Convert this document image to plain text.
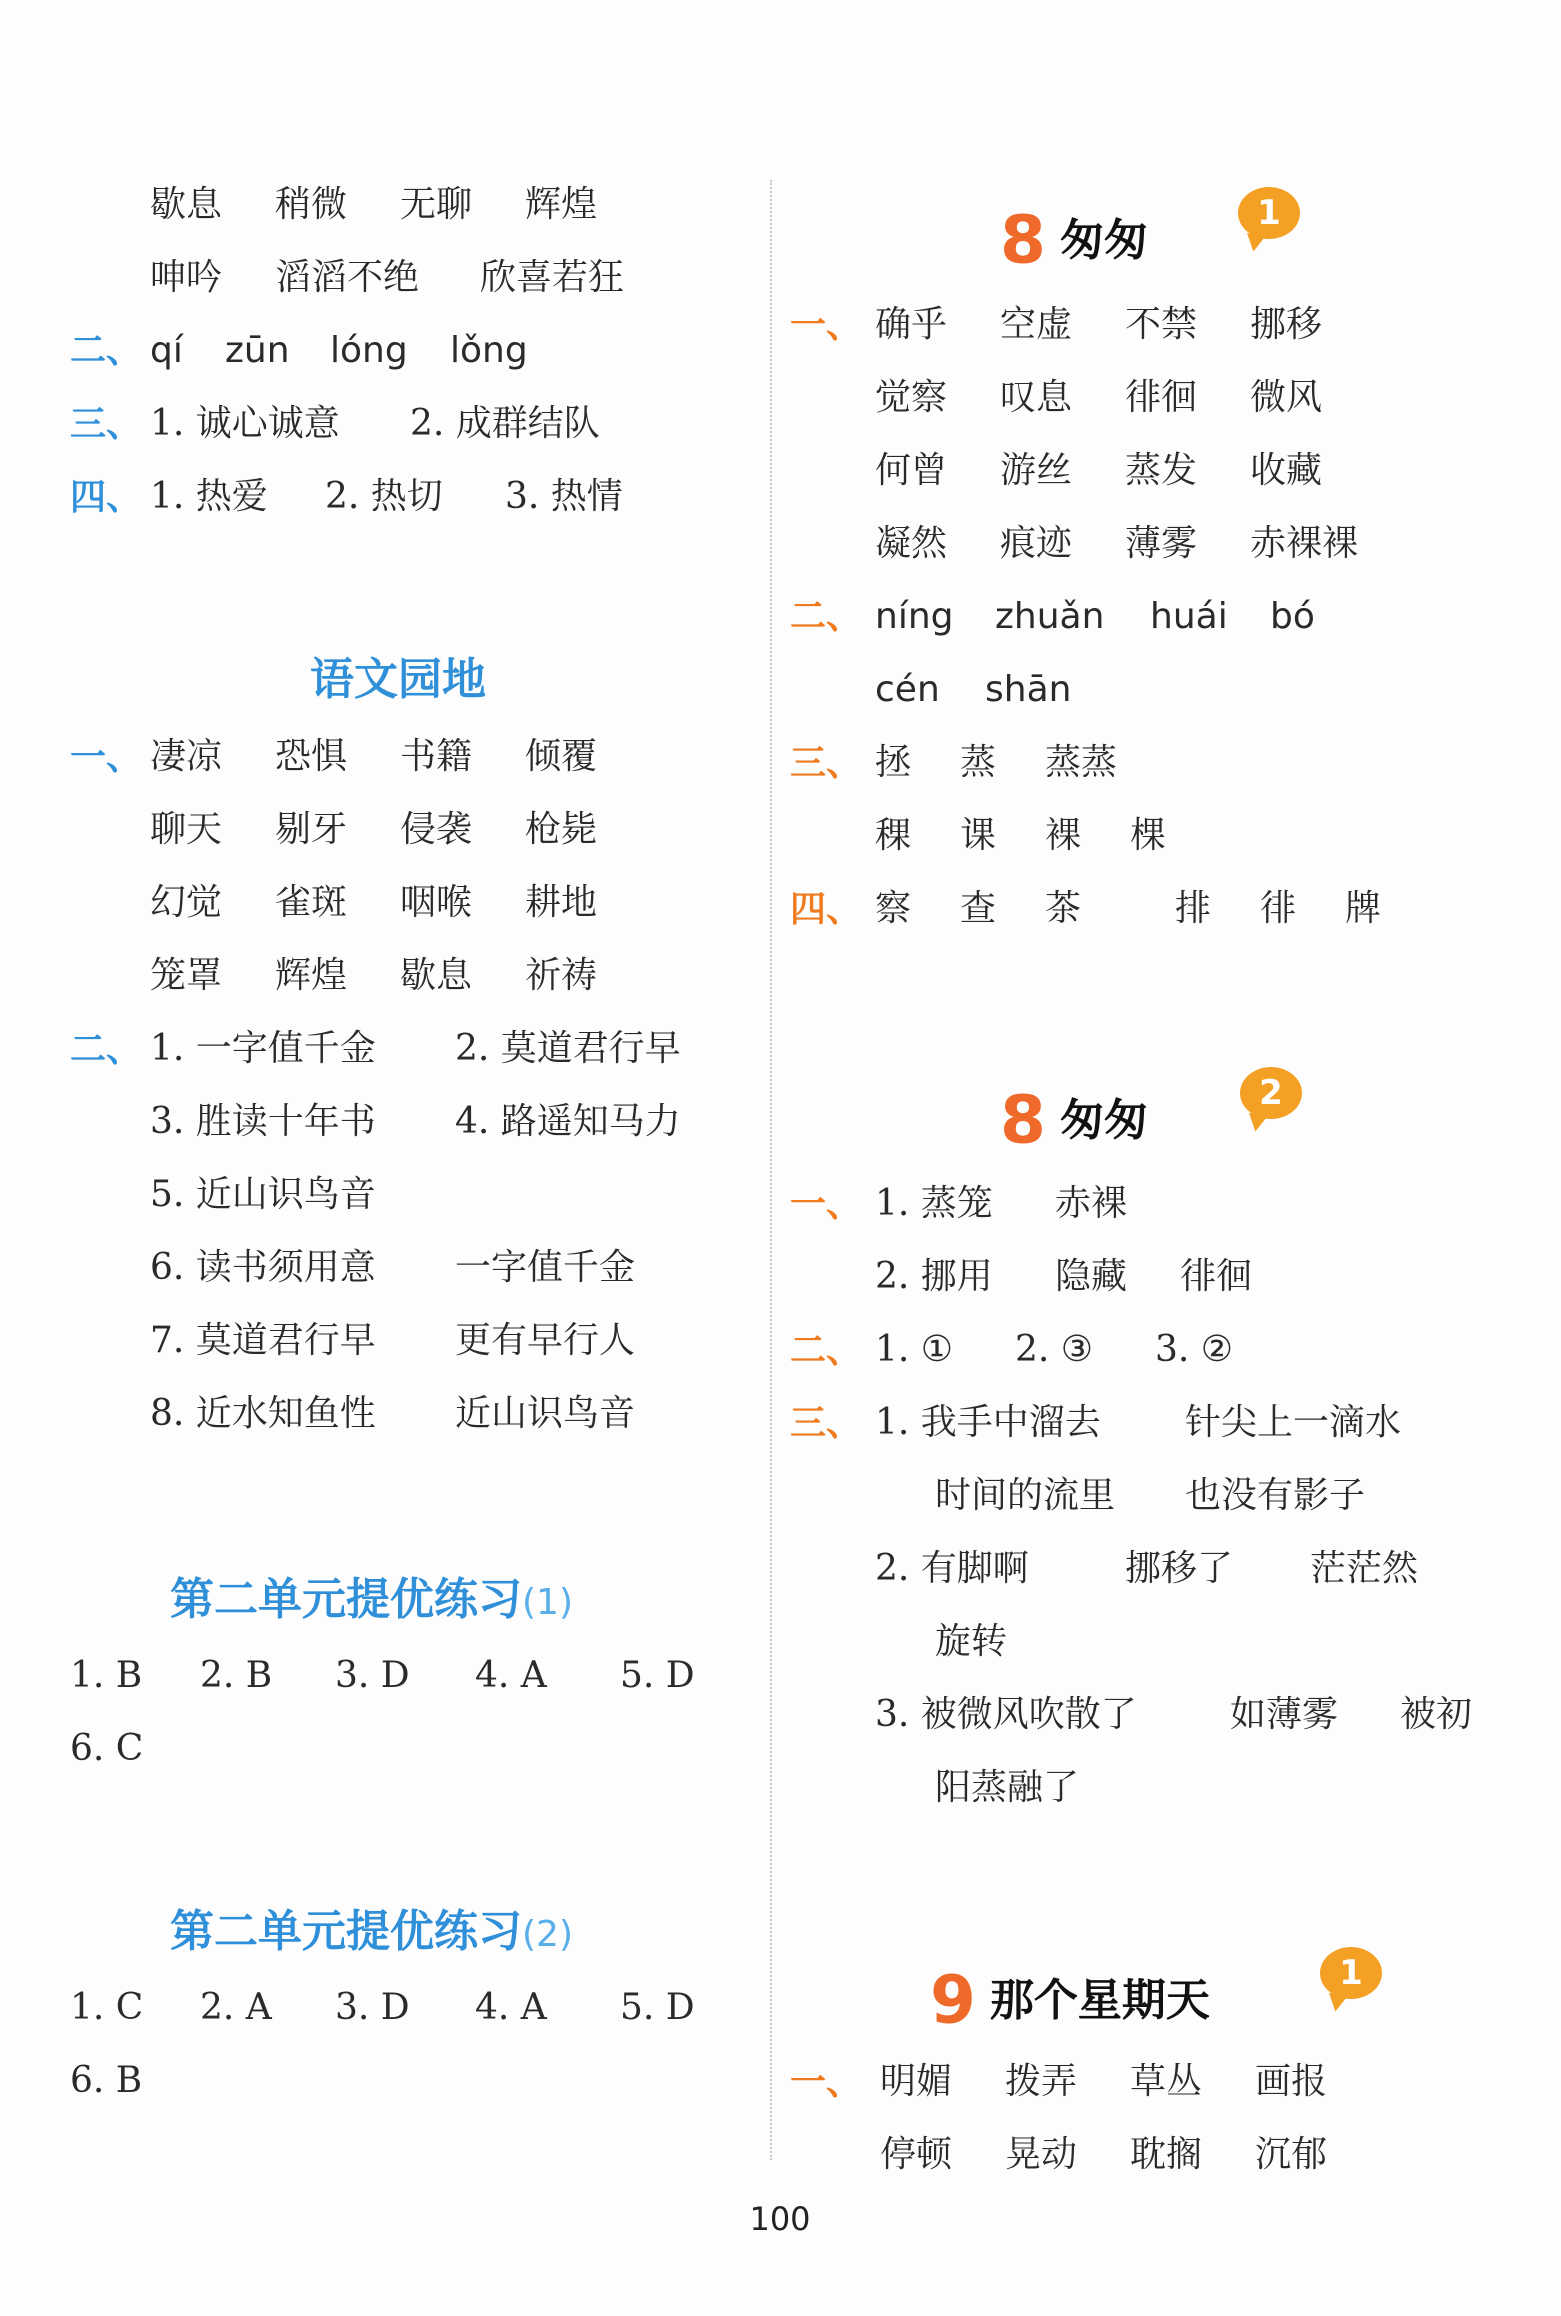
歇息 稍微 无聊 辉煌
呻吟 滔滔不绝 欣喜若狂
二、 qí zūn lóng lǒng
三、 1. 诚心诚意 2. 成群结队
四、 1. 热爱 2. 热切 3. 热情
语文园地
一、 凄凉 恐惧 书籍 倾覆
聊天 剔牙 侵袭 枪毙
幻觉 雀斑 咽喉 耕地
笼罩 辉煌 歇息 祈祷
二、 1. 一字值千金 2. 莫道君行早
3. 胜读十年书 4. 路遥知马力
5. 近山识鸟音
6. 读书须用意 一字值千金
7. 莫道君行早 更有早行人
8. 近水知鱼性 近山识鸟音
第二单元提优练习(1)
1. B 2. B 3. D 4. A 5. D
6. C
第二单元提优练习(2)
1. C 2. A 3. D 4. A 5. D
6. B
8 匆匆
1
一、 确乎 空虚 不禁 挪移
觉察 叹息 徘徊 微风
何曾 游丝 蒸发 收藏
凝然 痕迹 薄雾 赤裸裸
二、 níng zhuǎn huái bó
cén shān
三、 拯 蒸 蒸蒸
稞 课 裸 棵
四、 察 查 茶	排 徘 牌
8 匆匆
2
一、 1. 蒸笼 赤裸
2. 挪用 隐藏 徘徊
二、 1. ① 2. ③ 3. ②
三、 1. 我手中溜去 针尖上一滴水
时间的流里 也没有影子
2. 有脚啊	挪移了 茫茫然
旋转
3. 被微风吹散了	如薄雾 被初
阳蒸融了
9 那个星期天
1
一、 明媚 拨弄 草丛 画报
停顿 晃动 耽搁 沉郁
100
